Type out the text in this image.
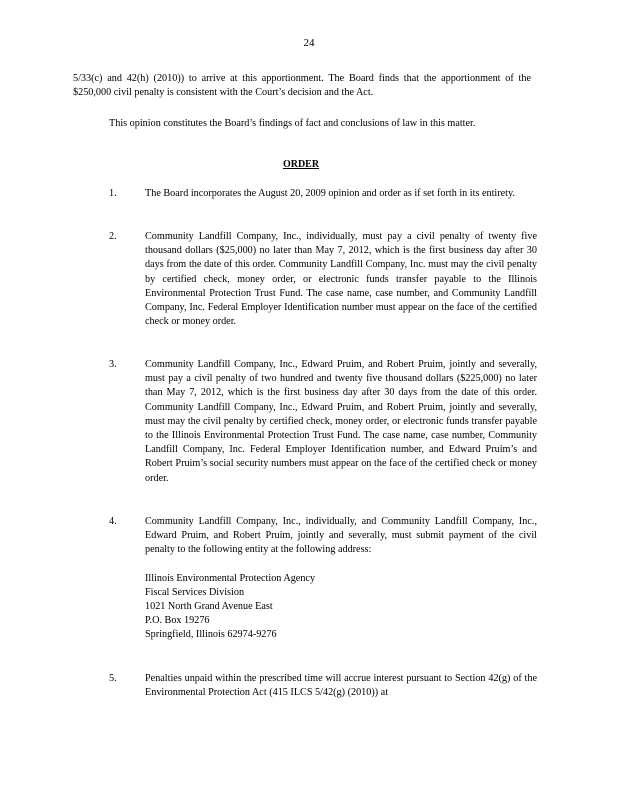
24
5/33(c) and 42(h) (2010)) to arrive at this apportionment. The Board finds that the apportionment of the $250,000 civil penalty is consistent with the Court’s decision and the Act.
This opinion constitutes the Board’s findings of fact and conclusions of law in this matter.
ORDER
1.	The Board incorporates the August 20, 2009 opinion and order as if set forth in its entirety.
2.	Community Landfill Company, Inc., individually, must pay a civil penalty of twenty five thousand dollars ($25,000) no later than May 7, 2012, which is the first business day after 30 days from the date of this order. Community Landfill Company, Inc. must may the civil penalty by certified check, money order, or electronic funds transfer payable to the Illinois Environmental Protection Trust Fund. The case name, case number, and Community Landfill Company, Inc. Federal Employer Identification number must appear on the face of the certified check or money order.
3.	Community Landfill Company, Inc., Edward Pruim, and Robert Pruim, jointly and severally, must pay a civil penalty of two hundred and twenty five thousand dollars ($225,000) no later than May 7, 2012, which is the first business day after 30 days from the date of this order. Community Landfill Company, Inc., Edward Pruim, and Robert Pruim, jointly and severally, must may the civil penalty by certified check, money order, or electronic funds transfer payable to the Illinois Environmental Protection Trust Fund. The case name, case number, Community Landfill Company, Inc. Federal Employer Identification number, and Edward Pruim’s and Robert Pruim’s social security numbers must appear on the face of the certified check or money order.
4.	Community Landfill Company, Inc., individually, and Community Landfill Company, Inc., Edward Pruim, and Robert Pruim, jointly and severally, must submit payment of the civil penalty to the following entity at the following address:
Illinois Environmental Protection Agency
Fiscal Services Division
1021 North Grand Avenue East
P.O. Box 19276
Springfield, Illinois 62974-9276
5.	Penalties unpaid within the prescribed time will accrue interest pursuant to Section 42(g) of the Environmental Protection Act (415 ILCS 5/42(g) (2010)) at
